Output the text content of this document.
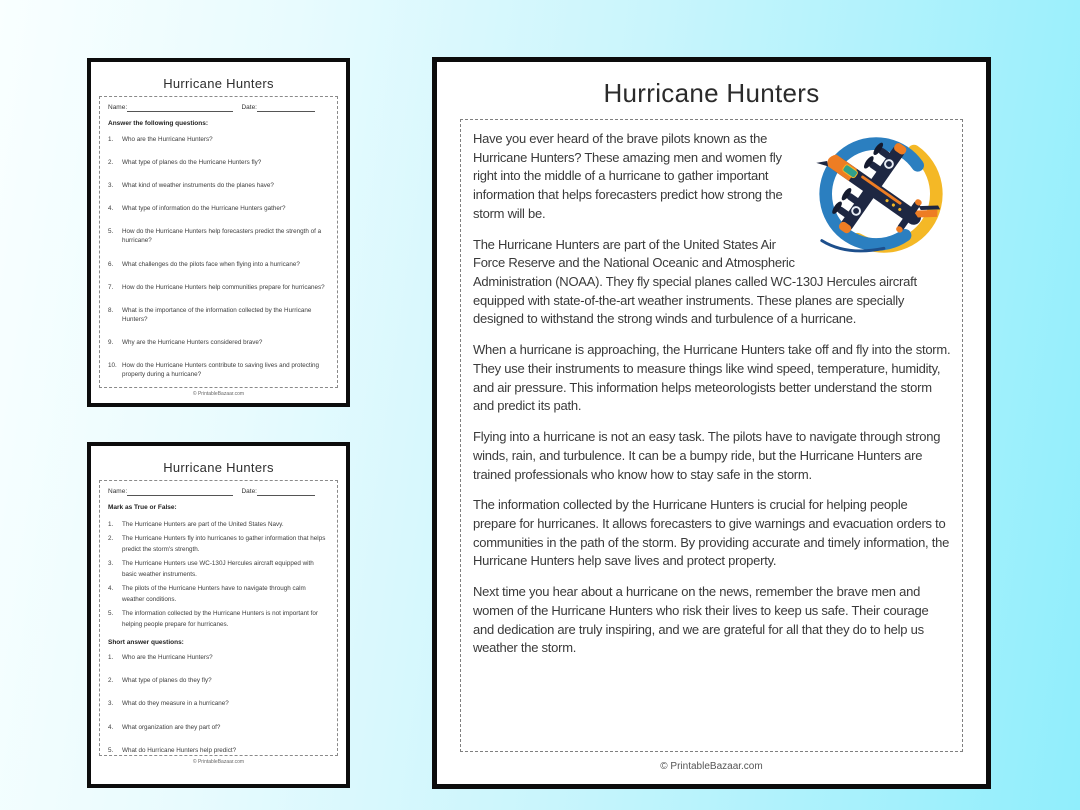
Hurricane Hunters
Name:	Date:
Answer the following questions:
1.	Who are the Hurricane Hunters?
2.	What type of planes do the Hurricane Hunters fly?
3.	What kind of weather instruments do the planes have?
4.	What type of information do the Hurricane Hunters gather?
5.	How do the Hurricane Hunters help forecasters predict the strength of a hurricane?
6.	What challenges do the pilots face when flying into a hurricane?
7.	How do the Hurricane Hunters help communities prepare for hurricanes?
8.	What is the importance of the information collected by the Hurricane Hunters?
9.	Why are the Hurricane Hunters considered brave?
10. How do the Hurricane Hunters contribute to saving lives and protecting property during a hurricane?
© PrintableBazaar.com
Hurricane Hunters
Name:	Date:
Mark as True or False:
1.	The Hurricane Hunters are part of the United States Navy.
2.	The Hurricane Hunters fly into hurricanes to gather information that helps predict the storm's strength.
3.	The Hurricane Hunters use WC-130J Hercules aircraft equipped with basic weather instruments.
4.	The pilots of the Hurricane Hunters have to navigate through calm weather conditions.
5.	The information collected by the Hurricane Hunters is not important for helping people prepare for hurricanes.
Short answer questions:
1.	Who are the Hurricane Hunters?
2.	What type of planes do they fly?
3.	What do they measure in a hurricane?
4.	What organization are they part of?
5.	What do Hurricane Hunters help predict?
© PrintableBazaar.com
Hurricane Hunters

Have you ever heard of the brave pilots known as the Hurricane Hunters? These amazing men and women fly right into the middle of a hurricane to gather important information that helps forecasters predict how strong the storm will be.

The Hurricane Hunters are part of the United States Air Force Reserve and the National Oceanic and Atmospheric Administration (NOAA). They fly special planes called WC-130J Hercules aircraft equipped with state-of-the-art weather instruments. These planes are specially designed to withstand the strong winds and turbulence of a hurricane.

When a hurricane is approaching, the Hurricane Hunters take off and fly into the storm. They use their instruments to measure things like wind speed, temperature, humidity, and air pressure. This information helps meteorologists better understand the storm and predict its path.

Flying into a hurricane is not an easy task. The pilots have to navigate through strong winds, rain, and turbulence. It can be a bumpy ride, but the Hurricane Hunters are trained professionals who know how to stay safe in the storm.

The information collected by the Hurricane Hunters is crucial for helping people prepare for hurricanes. It allows forecasters to give warnings and evacuation orders to communities in the path of the storm. By providing accurate and timely information, the Hurricane Hunters help save lives and protect property.

Next time you hear about a hurricane on the news, remember the brave men and women of the Hurricane Hunters who risk their lives to keep us safe. Their courage and dedication are truly inspiring, and we are grateful for all that they do to help us weather the storm.

© PrintableBazaar.com
